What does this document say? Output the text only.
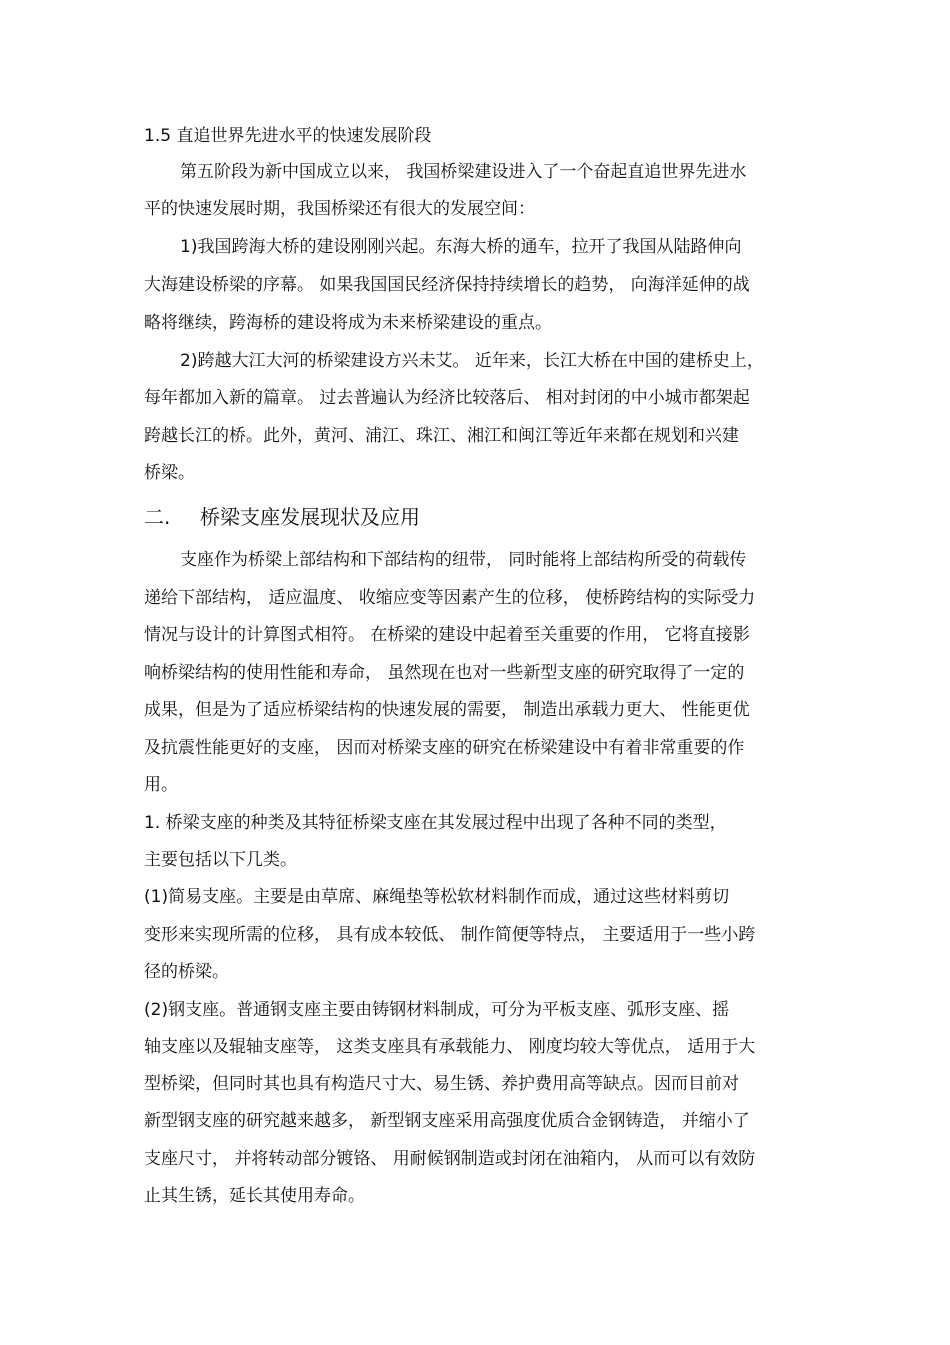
1.5 直追世界先进水平的快速发展阶段
第五阶段为新中国成立以来， 我国桥梁建设进入了一个奋起直追世界先进水
平的快速发展时期，我国桥梁还有很大的发展空间：
1)我国跨海大桥的建设刚刚兴起。东海大桥的通车，拉开了我国从陆路伸向
大海建设桥梁的序幕。 如果我国国民经济保持持续增长的趋势， 向海洋延伸的战
略将继续，跨海桥的建设将成为未来桥梁建设的重点。
2)跨越大江大河的桥梁建设方兴未艾。 近年来，长江大桥在中国的建桥史上，
每年都加入新的篇章。 过去普遍认为经济比较落后、 相对封闭的中小城市都架起
跨越长江的桥。此外，黄河、浦江、珠江、湘江和闽江等近年来都在规划和兴建
桥梁。
二. 桥梁支座发展现状及应用
支座作为桥梁上部结构和下部结构的纽带， 同时能将上部结构所受的荷载传
递给下部结构， 适应温度、 收缩应变等因素产生的位移， 使桥跨结构的实际受力
情况与设计的计算图式相符。 在桥梁的建设中起着至关重要的作用， 它将直接影
响桥梁结构的使用性能和寿命， 虽然现在也对一些新型支座的研究取得了一定的
成果，但是为了适应桥梁结构的快速发展的需要， 制造出承载力更大、 性能更优
及抗震性能更好的支座， 因而对桥梁支座的研究在桥梁建设中有着非常重要的作
用。
1. 桥梁支座的种类及其特征桥梁支座在其发展过程中出现了各种不同的类型，
主要包括以下几类。
(1)简易支座。主要是由草席、麻绳垫等松软材料制作而成，通过这些材料剪切
变形来实现所需的位移， 具有成本较低、 制作简便等特点， 主要适用于一些小跨
径的桥梁。
(2)钢支座。普通钢支座主要由铸钢材料制成，可分为平板支座、弧形支座、摇
轴支座以及辊轴支座等， 这类支座具有承载能力、 刚度均较大等优点， 适用于大
型桥梁，但同时其也具有构造尺寸大、易生锈、养护费用高等缺点。因而目前对
新型钢支座的研究越来越多， 新型钢支座采用高强度优质合金钢铸造， 并缩小了
支座尺寸， 并将转动部分镀铬、 用耐候钢制造或封闭在油箱内， 从而可以有效防
止其生锈，延长其使用寿命。
